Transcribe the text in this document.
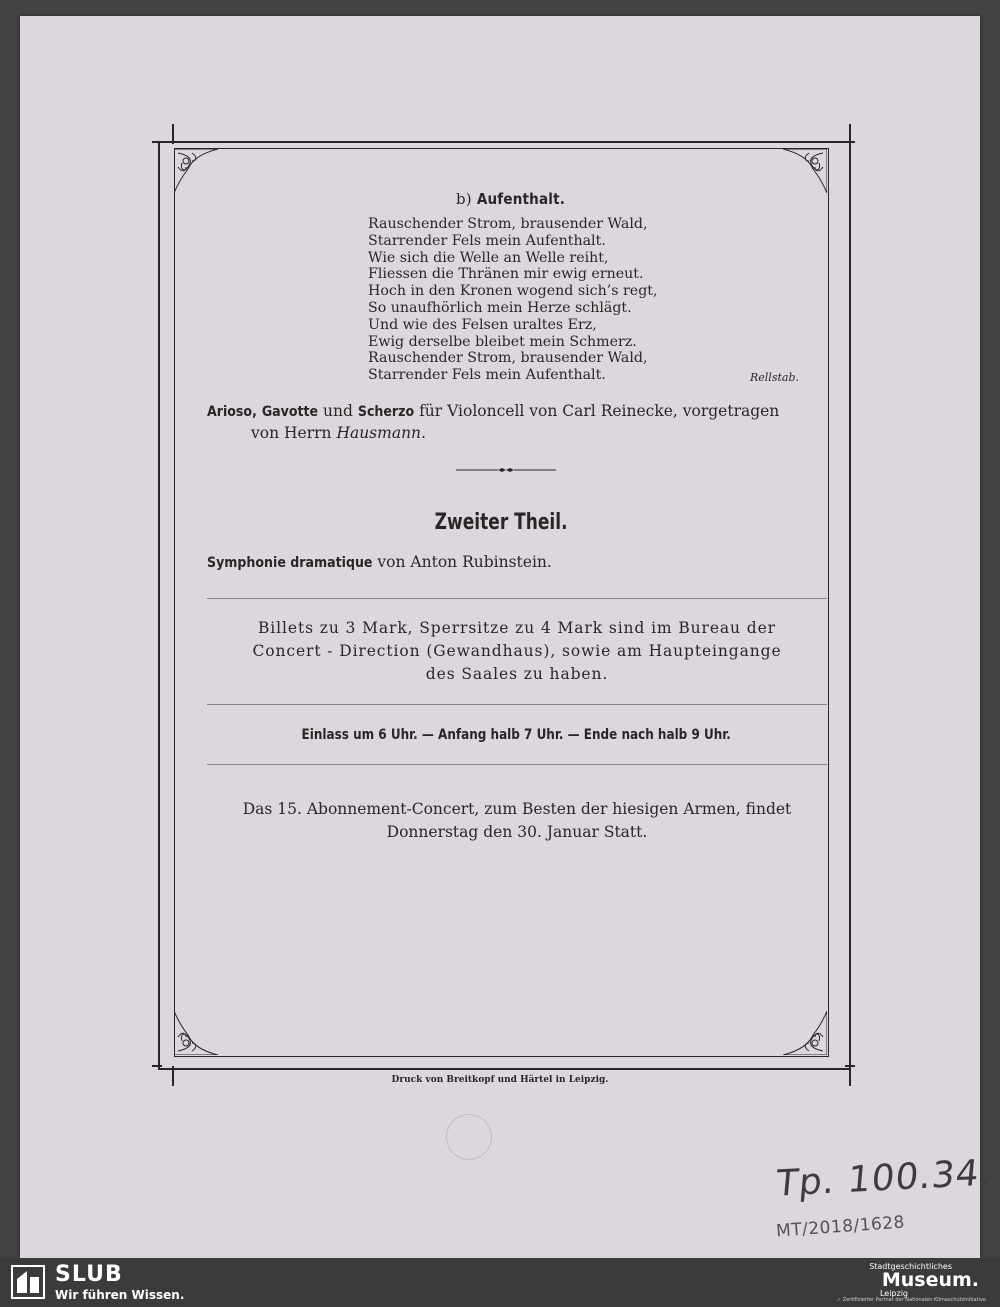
b) Aufenthalt.
Rauschender Strom, brausender Wald,
Starrender Fels mein Aufenthalt.
Wie sich die Welle an Welle reiht,
Fliessen die Thränen mir ewig erneut.
Hoch in den Kronen wogend sich’s regt,
So unaufhörlich mein Herze schlägt.
Und wie des Felsen uraltes Erz,
Ewig derselbe bleibet mein Schmerz.
Rauschender Strom, brausender Wald,
Starrender Fels mein Aufenthalt.	Rellstab.
Arioso, Gavotte und Scherzo für Violoncell von Carl Reinecke, vorgetragen
von Herrn Hausmann.
Zweiter Theil.
Symphonie dramatique von Anton Rubinstein.
Billets zu 3 Mark, Sperrsitze zu 4 Mark sind im Bureau der
Concert - Direction (Gewandhaus), sowie am Haupteingange
des Saales zu haben.
Einlass um 6 Uhr. — Anfang halb 7 Uhr. — Ende nach halb 9 Uhr.
Das 15. Abonnement-Concert, zum Besten der hiesigen Armen, findet
Donnerstag den 30. Januar Statt.
Druck von Breitkopf und Härtel in Leipzig.
Tp. 100.34.
MT/2018/1628
SLUB
Wir führen Wissen.
Stadtgeschichtliches
Museum.
Leipzig
✓ Zertifizierter Partner der Nationalen Klimaschutzinitiative
